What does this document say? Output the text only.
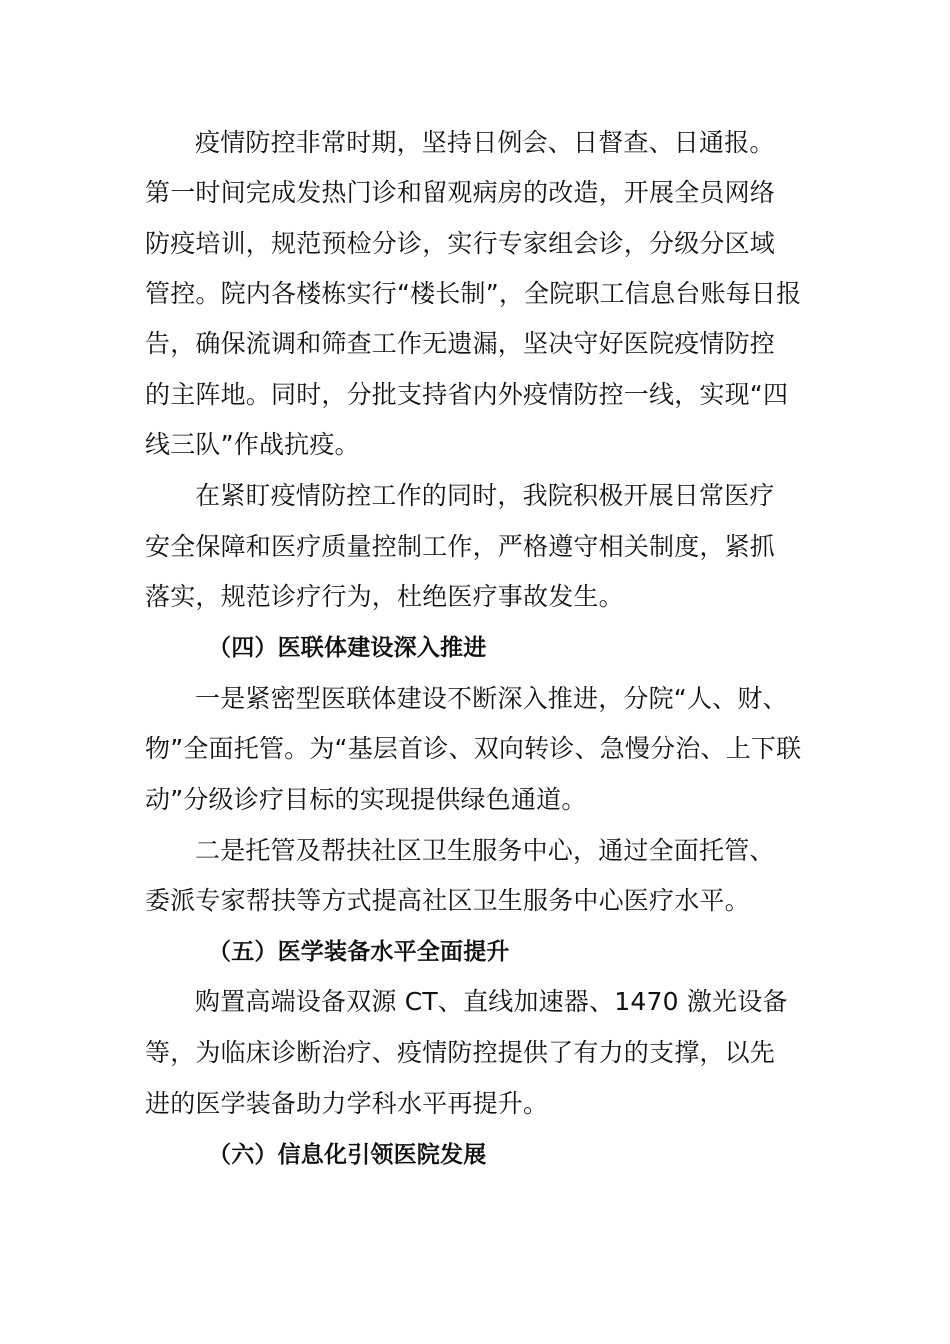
疫情防控非常时期，坚持日例会、日督查、日通报。
第一时间完成发热门诊和留观病房的改造，开展全员网络
防疫培训，规范预检分诊，实行专家组会诊，分级分区域
管控。院内各楼栋实行“楼长制”，全院职工信息台账每日报
告，确保流调和筛查工作无遗漏，坚决守好医院疫情防控
的主阵地。同时，分批支持省内外疫情防控一线，实现“四
线三队”作战抗疫。
在紧盯疫情防控工作的同时，我院积极开展日常医疗
安全保障和医疗质量控制工作，严格遵守相关制度，紧抓
落实，规范诊疗行为，杜绝医疗事故发生。
（四）医联体建设深入推进
一是紧密型医联体建设不断深入推进，分院“人、财、
物”全面托管。为“基层首诊、双向转诊、急慢分治、上下联
动”分级诊疗目标的实现提供绿色通道。
二是托管及帮扶社区卫生服务中心，通过全面托管、
委派专家帮扶等方式提高社区卫生服务中心医疗水平。
（五）医学装备水平全面提升
购置高端设备双源 CT、直线加速器、1470 激光设备
等，为临床诊断治疗、疫情防控提供了有力的支撑，以先
进的医学装备助力学科水平再提升。
（六）信息化引领医院发展
